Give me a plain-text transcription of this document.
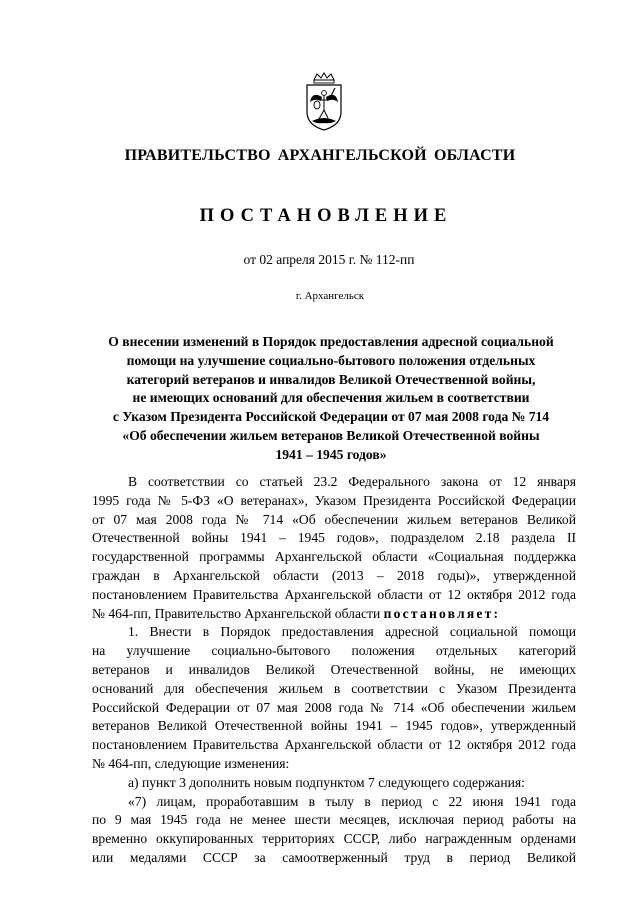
ПРАВИТЕЛЬСТВО АРХАНГЕЛЬСКОЙ ОБЛАСТИ
ПОСТАНОВЛЕНИЕ
от 02 апреля 2015 г. № 112-пп
г. Архангельск
О внесении изменений в Порядок предоставления адресной социальной
помощи на улучшение социально-бытового положения отдельных
категорий ветеранов и инвалидов Великой Отечественной войны,
не имеющих оснований для обеспечения жильем в соответствии
с Указом Президента Российской Федерации от 07 мая 2008 года № 714
«Об обеспечении жильем ветеранов Великой Отечественной войны
1941 – 1945 годов»
В соответствии со статьей 23.2 Федерального закона от 12 января
1995 года № 5-ФЗ «О ветеранах», Указом Президента Российской Федерации
от 07 мая 2008 года № 714 «Об обеспечении жильем ветеранов Великой
Отечественной войны 1941 – 1945 годов», подразделом 2.18 раздела II
государственной программы Архангельской области «Социальная поддержка
граждан в Архангельской области (2013 – 2018 годы)», утвержденной
постановлением Правительства Архангельской области от 12 октября 2012 года
№ 464-пп, Правительство Архангельской области постановляет:
1. Внести в Порядок предоставления адресной социальной помощи
на улучшение социально-бытового положения отдельных категорий
ветеранов и инвалидов Великой Отечественной войны, не имеющих
оснований для обеспечения жильем в соответствии с Указом Президента
Российской Федерации от 07 мая 2008 года № 714 «Об обеспечении жильем
ветеранов Великой Отечественной войны 1941 – 1945 годов», утвержденный
постановлением Правительства Архангельской области от 12 октября 2012 года
№ 464-пп, следующие изменения:
а) пункт 3 дополнить новым подпунктом 7 следующего содержания:
«7) лицам, проработавшим в тылу в период с 22 июня 1941 года
по 9 мая 1945 года не менее шести месяцев, исключая период работы на
временно оккупированных территориях СССР, либо награжденным орденами
или медалями СССР за самоотверженный труд в период Великой
